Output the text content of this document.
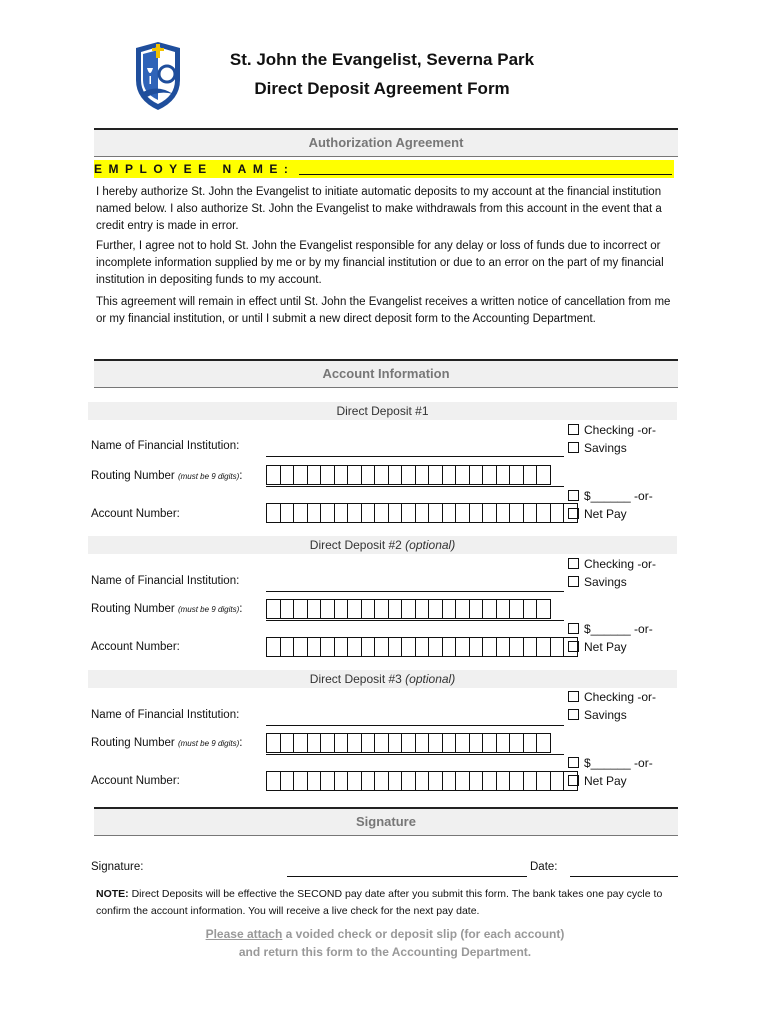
St. John the Evangelist, Severna Park
Direct Deposit Agreement Form
Authorization Agreement
EMPLOYEE NAME:
I hereby authorize St. John the Evangelist to initiate automatic deposits to my account at the financial institution named below. I also authorize St. John the Evangelist to make withdrawals from this account in the event that a credit entry is made in error.
Further, I agree not to hold St. John the Evangelist responsible for any delay or loss of funds due to incorrect or incomplete information supplied by me or by my financial institution or due to an error on the part of my financial institution in depositing funds to my account.
This agreement will remain in effect until St. John the Evangelist receives a written notice of cancellation from me or my financial institution, or until I submit a new direct deposit form to the Accounting Department.
Account Information
Direct Deposit #1
Name of Financial Institution:
Checking -or-
Savings
Routing Number (must be 9 digits):
$______ -or-
Net Pay
Account Number:
Direct Deposit #2 (optional)
Name of Financial Institution:
Checking -or-
Savings
Routing Number (must be 9 digits):
$______ -or-
Net Pay
Account Number:
Direct Deposit #3 (optional)
Name of Financial Institution:
Checking -or-
Savings
Routing Number (must be 9 digits):
$______ -or-
Net Pay
Account Number:
Signature
Signature:	Date:
NOTE: Direct Deposits will be effective the SECOND pay date after you submit this form. The bank takes one pay cycle to confirm the account information. You will receive a live check for the next pay date.
Please attach a voided check or deposit slip (for each account)
and return this form to the Accounting Department.
